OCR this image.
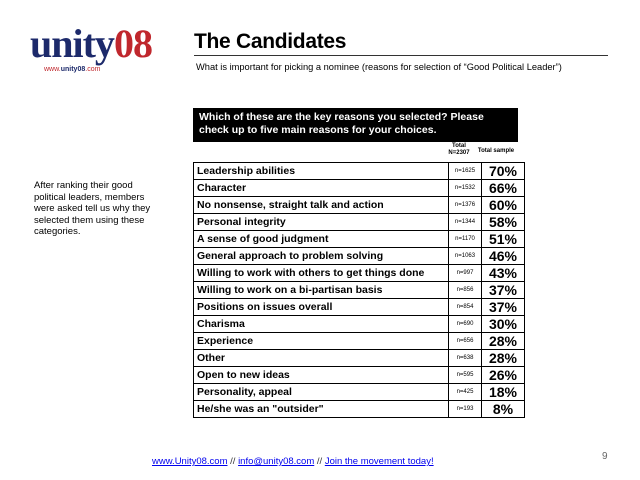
unity08
www.unity08.com
The Candidates
What is important for picking a nominee (reasons for selection of “Good Political Leader”)
After ranking their good political leaders, members were asked tell us why they selected them using these categories.
Which of these are the key reasons you selected? Please check up to five main reasons for your choices.
Total N=2307	Total sample
Leadership abilities	n=1625	70%
Character	n=1532	66%
No nonsense, straight talk and action	n=1376	60%
Personal integrity	n=1344	58%
A sense of good judgment	n=1170	51%
General approach to problem solving	n=1063	46%
Willing to work with others to get things done	n=997	43%
Willing to work on a bi-partisan basis	n=856	37%
Positions on issues overall	n=854	37%
Charisma	n=690	30%
Experience	n=656	28%
Other	n=638	28%
Open to new ideas	n=595	26%
Personality, appeal	n=425	18%
He/she was an "outsider"	n=193	8%
www.Unity08.com // info@unity08.com // Join the movement today!	9
